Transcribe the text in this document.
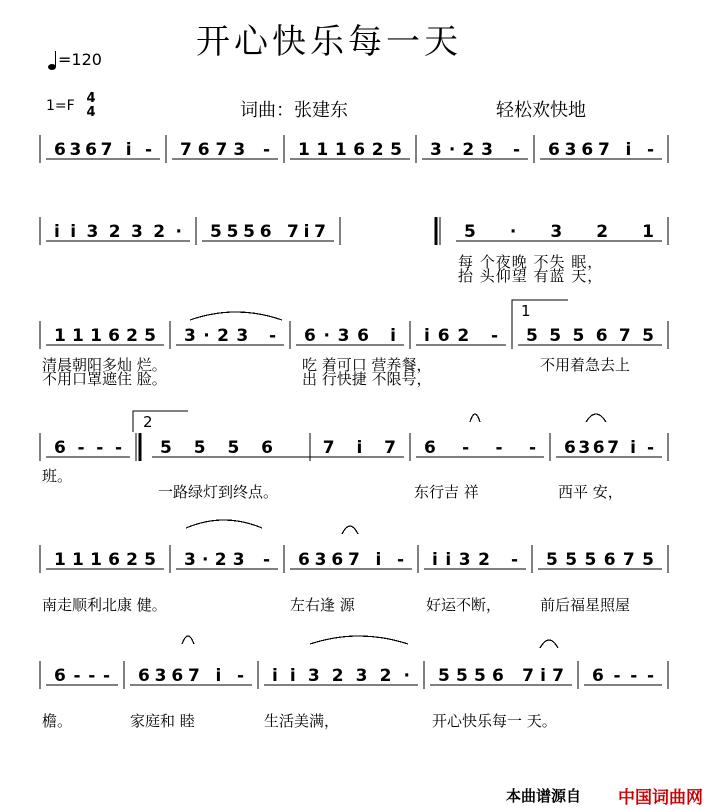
开心快乐每一天
=120
1=F 4
4	词曲：张建东	轻松欢快地
6367 i - 7673 - 111625 3·23 - 6367 i -
ii3232· 5556 7i7	5·321
111625 3·23 - 6·36 i i62 - 555675
6 - - - 5556 7i7 6 - - - 6367 i -
111625 3·23 - 6367 i - ii32 - 555675
6 - - - 6367 i - ii3232· 5556 7i7 6 - - -
每 个夜晚 不失 眠，
抬 头仰望 有蓝 天，
清晨朝阳多灿 烂。	吃 着可口 营养餐，	不用着急去上
不用口罩遮住 脸。	出 行快捷 不限号，
班。
一路绿灯到终点。	东行吉 祥	西平 安，
南走顺利北康 健。	左右逢 源	好运不断，	前后福星照屋
檐。	家庭和 睦	生活美满，	开心快乐每一 天。
1
2
本曲谱源自 中国词曲网
